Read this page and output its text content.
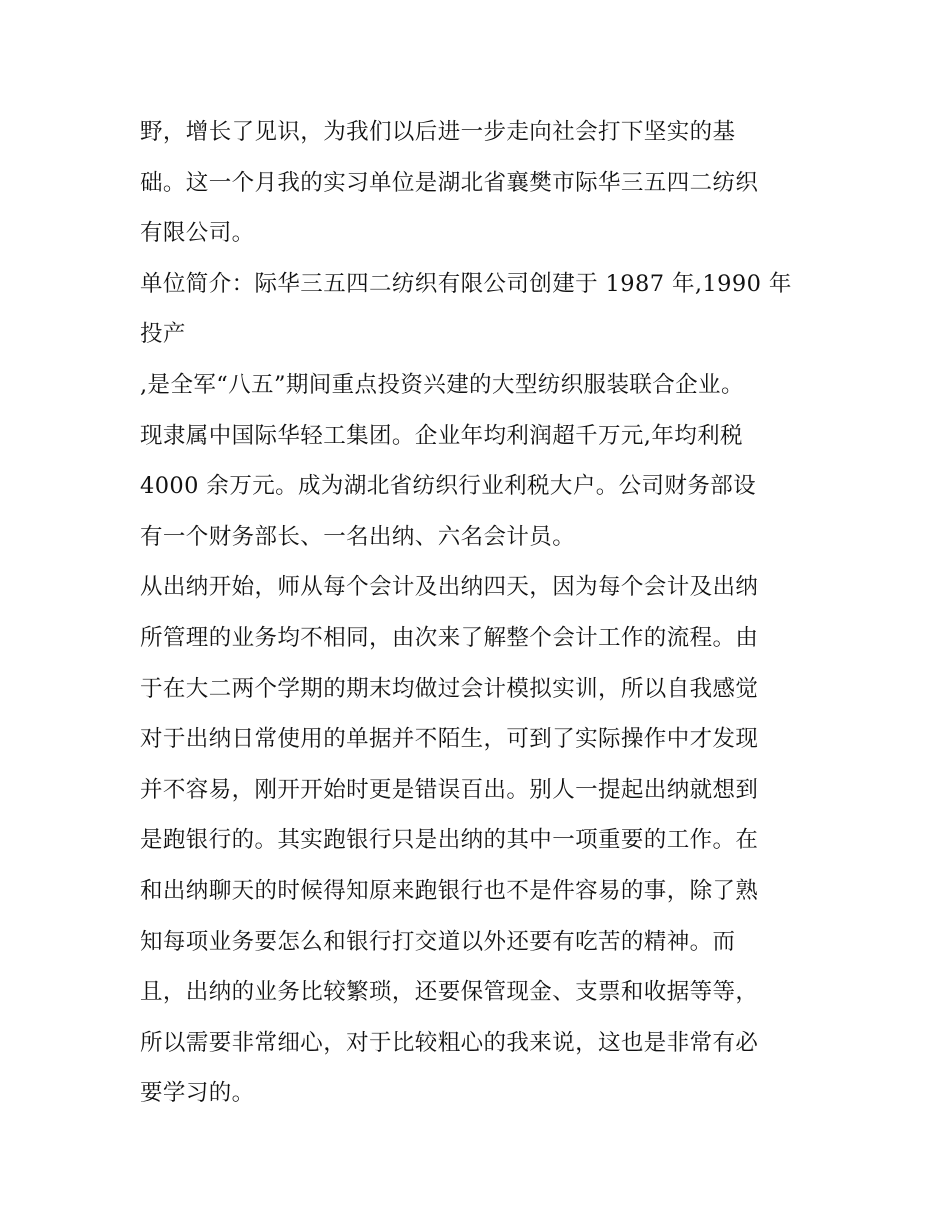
野，增长了见识，为我们以后进一步走向社会打下坚实的基
础。这一个月我的实习单位是湖北省襄樊市际华三五四二纺织
有限公司。
单位简介：际华三五四二纺织有限公司创建于 1987 年,1990 年
投产
,是全军“八五”期间重点投资兴建的大型纺织服装联合企业。
现隶属中国际华轻工集团。企业年均利润超千万元,年均利税
4000 余万元。成为湖北省纺织行业利税大户。公司财务部设
有一个财务部长、一名出纳、六名会计员。
从出纳开始，师从每个会计及出纳四天，因为每个会计及出纳
所管理的业务均不相同，由次来了解整个会计工作的流程。由
于在大二两个学期的期末均做过会计模拟实训，所以自我感觉
对于出纳日常使用的单据并不陌生，可到了实际操作中才发现
并不容易，刚开开始时更是错误百出。别人一提起出纳就想到
是跑银行的。其实跑银行只是出纳的其中一项重要的工作。在
和出纳聊天的时候得知原来跑银行也不是件容易的事，除了熟
知每项业务要怎么和银行打交道以外还要有吃苦的精神。而
且，出纳的业务比较繁琐，还要保管现金、支票和收据等等，
所以需要非常细心，对于比较粗心的我来说，这也是非常有必
要学习的。
